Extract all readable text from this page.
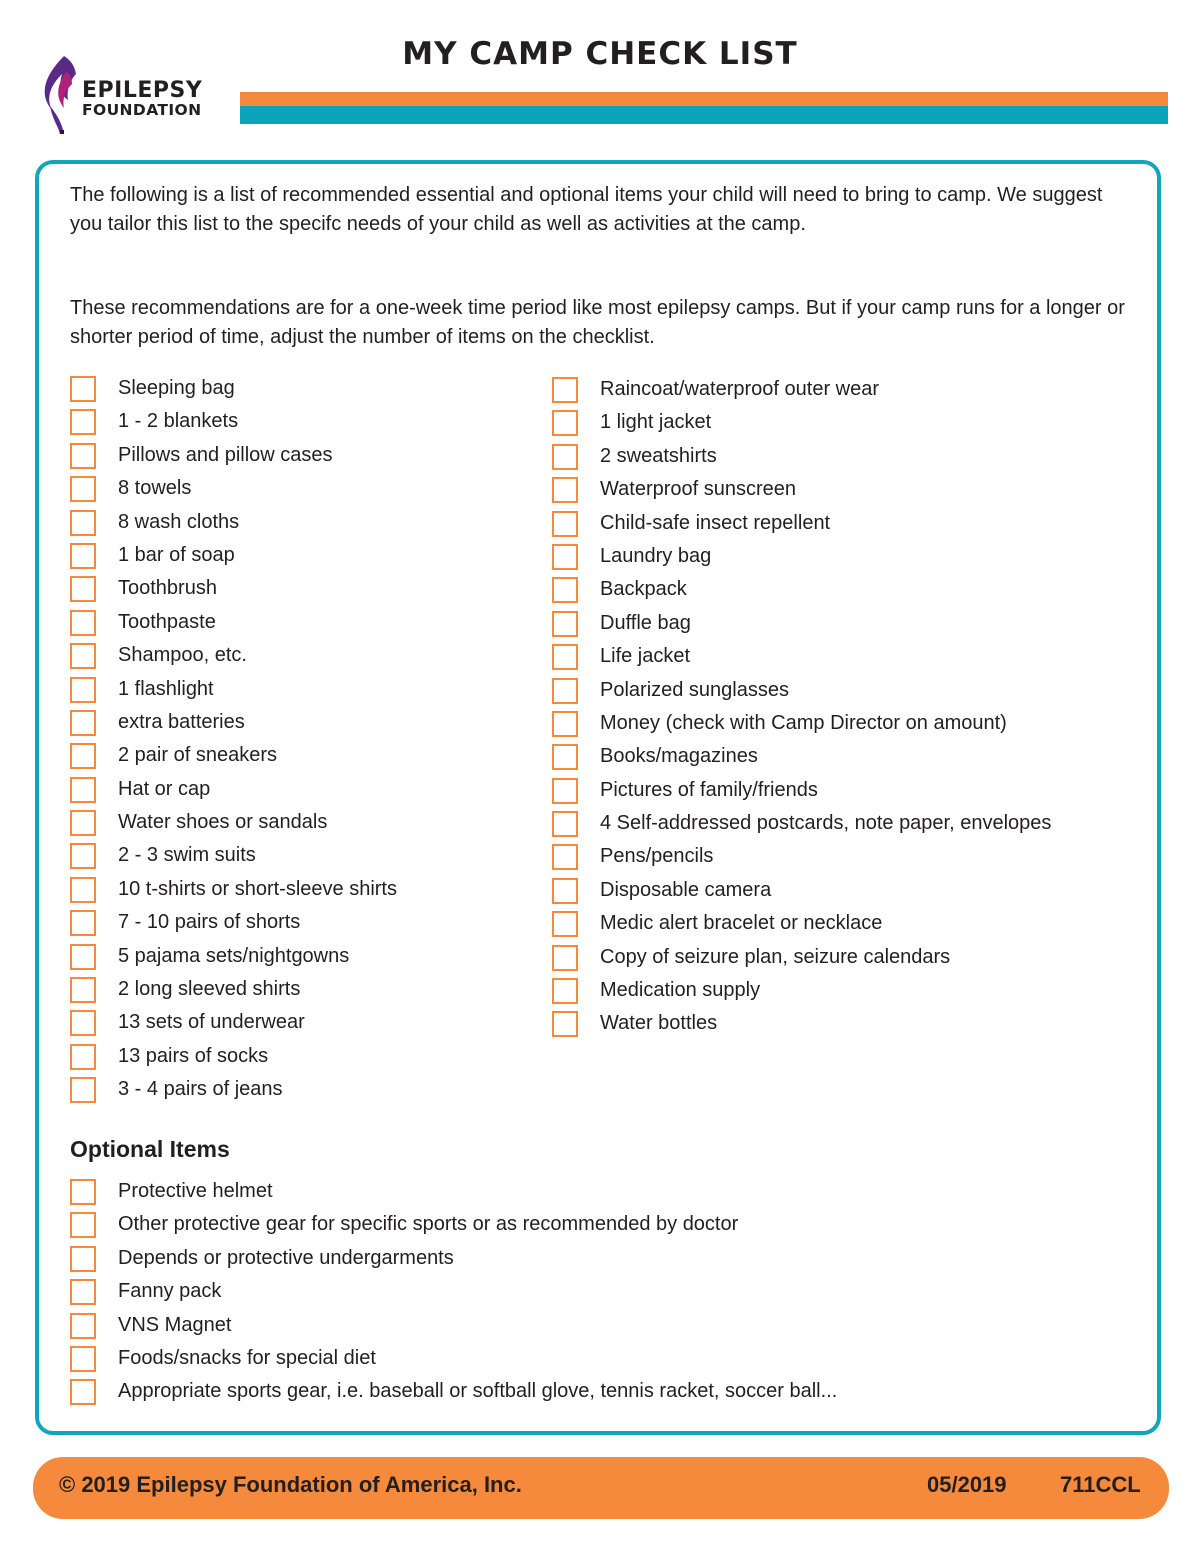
MY CAMP CHECK LIST
EPILEPSY
FOUNDATION

The following is a list of recommended essential and optional items your child will need to bring to camp. We suggest you tailor this list to the specifc needs of your child as well as activities at the camp.

These recommendations are for a one-week time period like most epilepsy camps. But if your camp runs for a longer or shorter period of time, adjust the number of items on the checklist.

Sleeping bag
1 - 2 blankets
Pillows and pillow cases
8 towels
8 wash cloths
1 bar of soap
Toothbrush
Toothpaste
Shampoo, etc.
1 flashlight
extra batteries
2 pair of sneakers
Hat or cap
Water shoes or sandals
2 - 3 swim suits
10 t-shirts or short-sleeve shirts
7 - 10 pairs of shorts
5 pajama sets/nightgowns
2 long sleeved shirts
13 sets of underwear
13 pairs of socks
3 - 4 pairs of jeans
Raincoat/waterproof outer wear
1 light jacket
2 sweatshirts
Waterproof sunscreen
Child-safe insect repellent
Laundry bag
Backpack
Duffle bag
Life jacket
Polarized sunglasses
Money (check with Camp Director on amount)
Books/magazines
Pictures of family/friends
4 Self-addressed postcards, note paper, envelopes
Pens/pencils
Disposable camera
Medic alert bracelet or necklace
Copy of seizure plan, seizure calendars
Medication supply
Water bottles
Optional Items
Protective helmet
Other protective gear for specific sports or as recommended by doctor
Depends or protective undergarments
Fanny pack
VNS Magnet
Foods/snacks for special diet
Appropriate sports gear, i.e. baseball or softball glove, tennis racket, soccer ball...
© 2019 Epilepsy Foundation of America, Inc.	05/2019 711CCL
